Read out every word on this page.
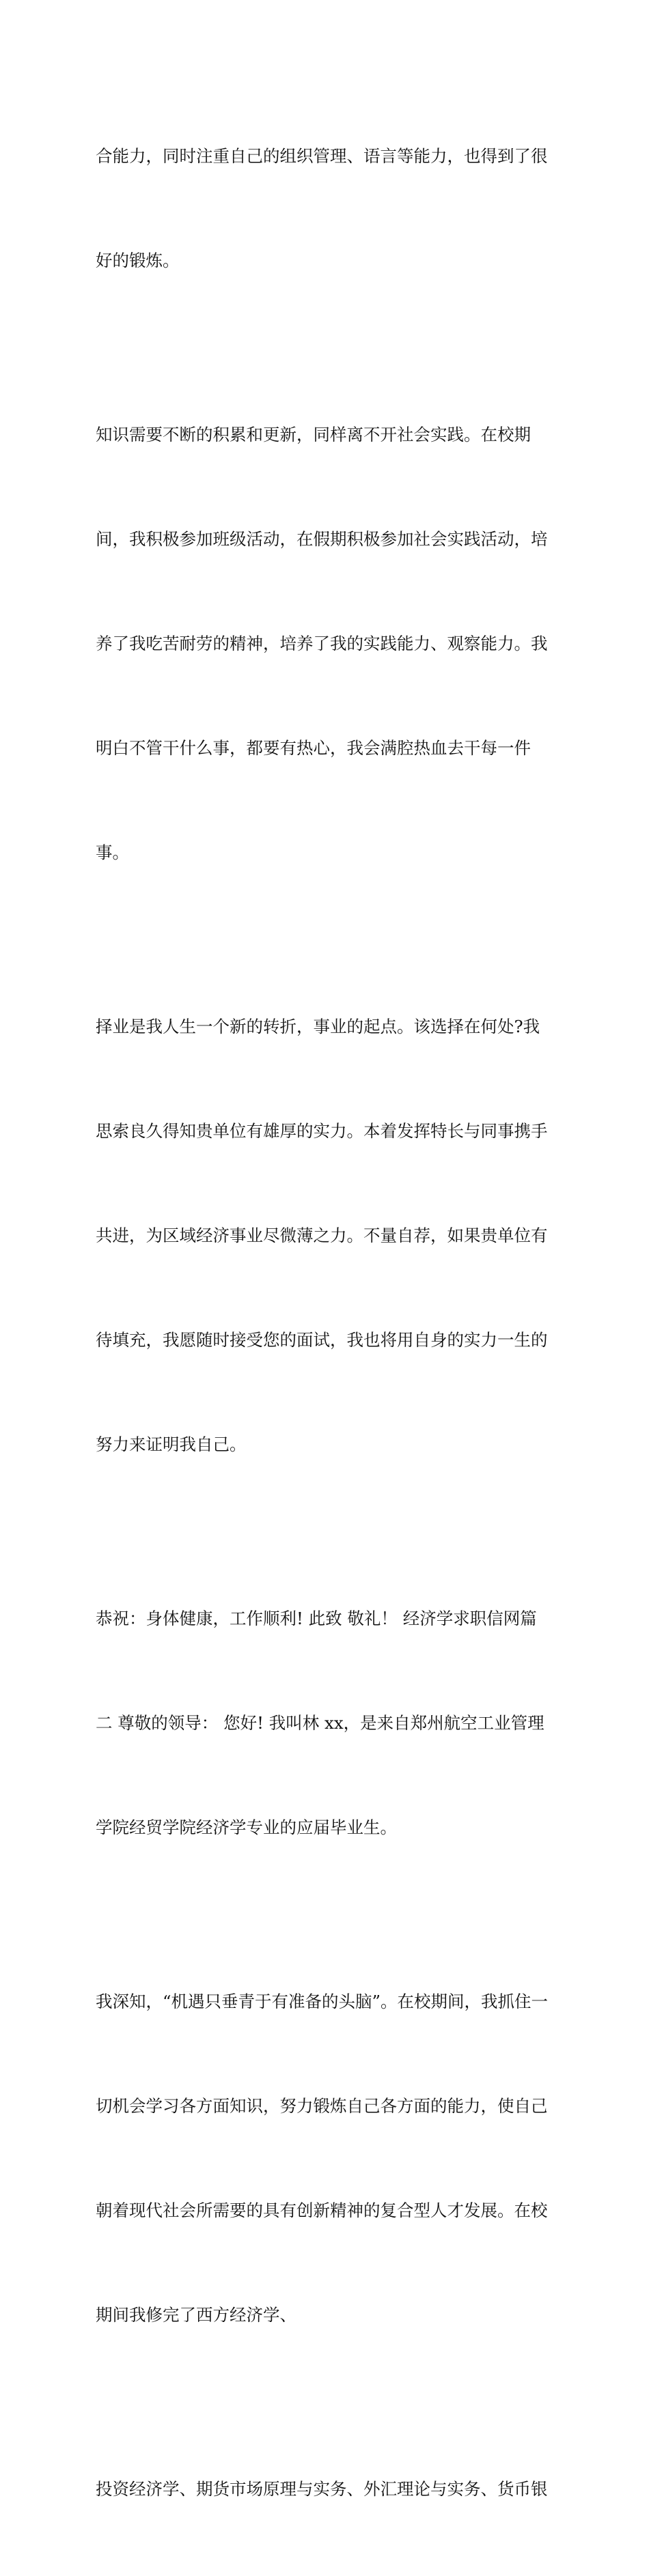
合能力，同时注重自己的组织管理、语言等能力，也得到了很

好的锻炼。

知识需要不断的积累和更新，同样离不开社会实践。在校期

间，我积极参加班级活动，在假期积极参加社会实践活动，培

养了我吃苦耐劳的精神，培养了我的实践能力、观察能力。我

明白不管干什么事，都要有热心，我会满腔热血去干每一件

事。

择业是我人生一个新的转折，事业的起点。该选择在何处?我

思索良久得知贵单位有雄厚的实力。本着发挥特长与同事携手

共进，为区域经济事业尽微薄之力。不量自荐，如果贵单位有

待填充，我愿随时接受您的面试，我也将用自身的实力一生的

努力来证明我自己。

恭祝：身体健康，工作顺利! 此致 敬礼！ 经济学求职信网篇

二 尊敬的领导： 您好! 我叫林 xx，是来自郑州航空工业管理

学院经贸学院经济学专业的应届毕业生。

我深知，“机遇只垂青于有准备的头脑”。在校期间，我抓住一

切机会学习各方面知识，努力锻炼自己各方面的能力，使自己

朝着现代社会所需要的具有创新精神的复合型人才发展。在校

期间我修完了西方经济学、

投资经济学、期货市场原理与实务、外汇理论与实务、货币银
